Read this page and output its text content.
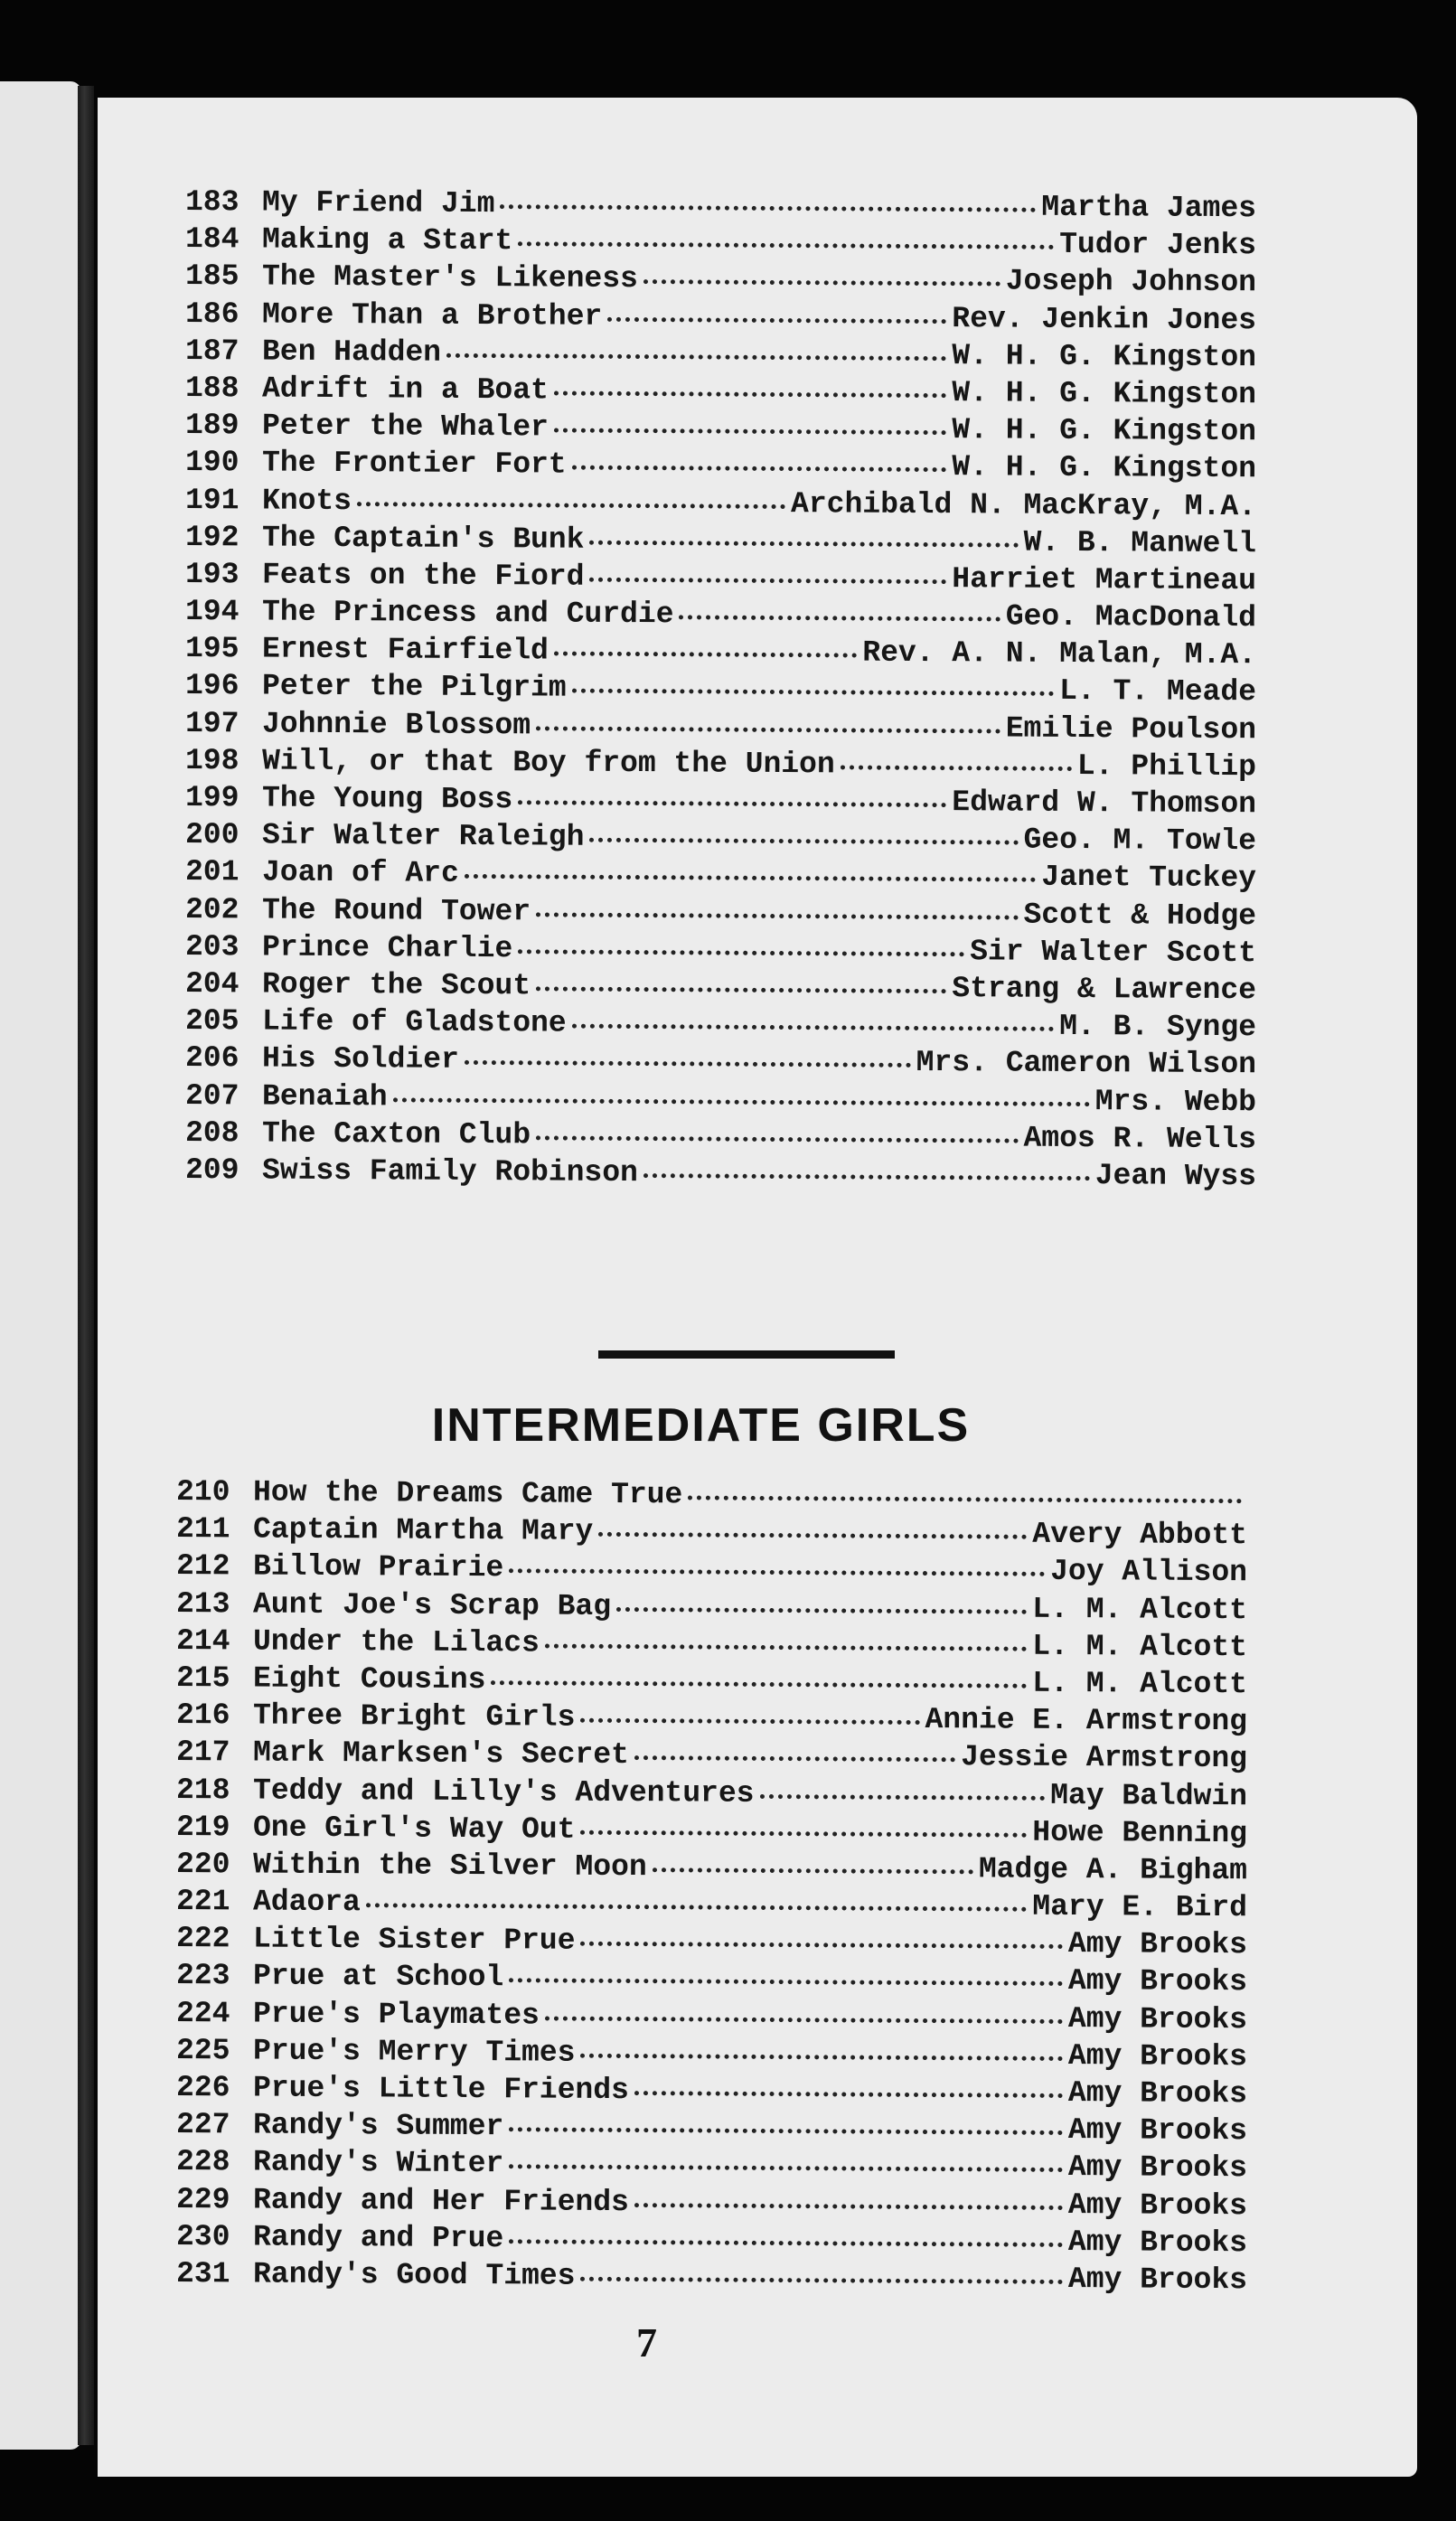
183 My Friend Jim	Martha James
184 Making a Start	Tudor Jenks
185 The Master's Likeness	Joseph Johnson
186 More Than a Brother	Rev. Jenkin Jones
187 Ben Hadden	W. H. G. Kingston
188 Adrift in a Boat	W. H. G. Kingston
189 Peter the Whaler	W. H. G. Kingston
190 The Frontier Fort	W. H. G. Kingston
191 Knots	Archibald N. MacKray, M.A.
192 The Captain's Bunk	W. B. Manwell
193 Feats on the Fiord	Harriet Martineau
194 The Princess and Curdie	Geo. MacDonald
195 Ernest Fairfield	Rev. A. N. Malan, M.A.
196 Peter the Pilgrim	L. T. Meade
197 Johnnie Blossom	Emilie Poulson
198 Will, or that Boy from the Union	L. Phillip
199 The Young Boss	Edward W. Thomson
200 Sir Walter Raleigh	Geo. M. Towle
201 Joan of Arc	Janet Tuckey
202 The Round Tower	Scott & Hodge
203 Prince Charlie	Sir Walter Scott
204 Roger the Scout	Strang & Lawrence
205 Life of Gladstone	M. B. Synge
206 His Soldier	Mrs. Cameron Wilson
207 Benaiah	Mrs. Webb
208 The Caxton Club	Amos R. Wells
209 Swiss Family Robinson	Jean Wyss
INTERMEDIATE GIRLS
210 How the Dreams Came True
211 Captain Martha Mary	Avery Abbott
212 Billow Prairie	Joy Allison
213 Aunt Joe's Scrap Bag	L. M. Alcott
214 Under the Lilacs	L. M. Alcott
215 Eight Cousins	L. M. Alcott
216 Three Bright Girls	Annie E. Armstrong
217 Mark Marksen's Secret	Jessie Armstrong
218 Teddy and Lilly's Adventures	May Baldwin
219 One Girl's Way Out	Howe Benning
220 Within the Silver Moon	Madge A. Bigham
221 Adaora	Mary E. Bird
222 Little Sister Prue	Amy Brooks
223 Prue at School	Amy Brooks
224 Prue's Playmates	Amy Brooks
225 Prue's Merry Times	Amy Brooks
226 Prue's Little Friends	Amy Brooks
227 Randy's Summer	Amy Brooks
228 Randy's Winter	Amy Brooks
229 Randy and Her Friends	Amy Brooks
230 Randy and Prue	Amy Brooks
231 Randy's Good Times	Amy Brooks
7
